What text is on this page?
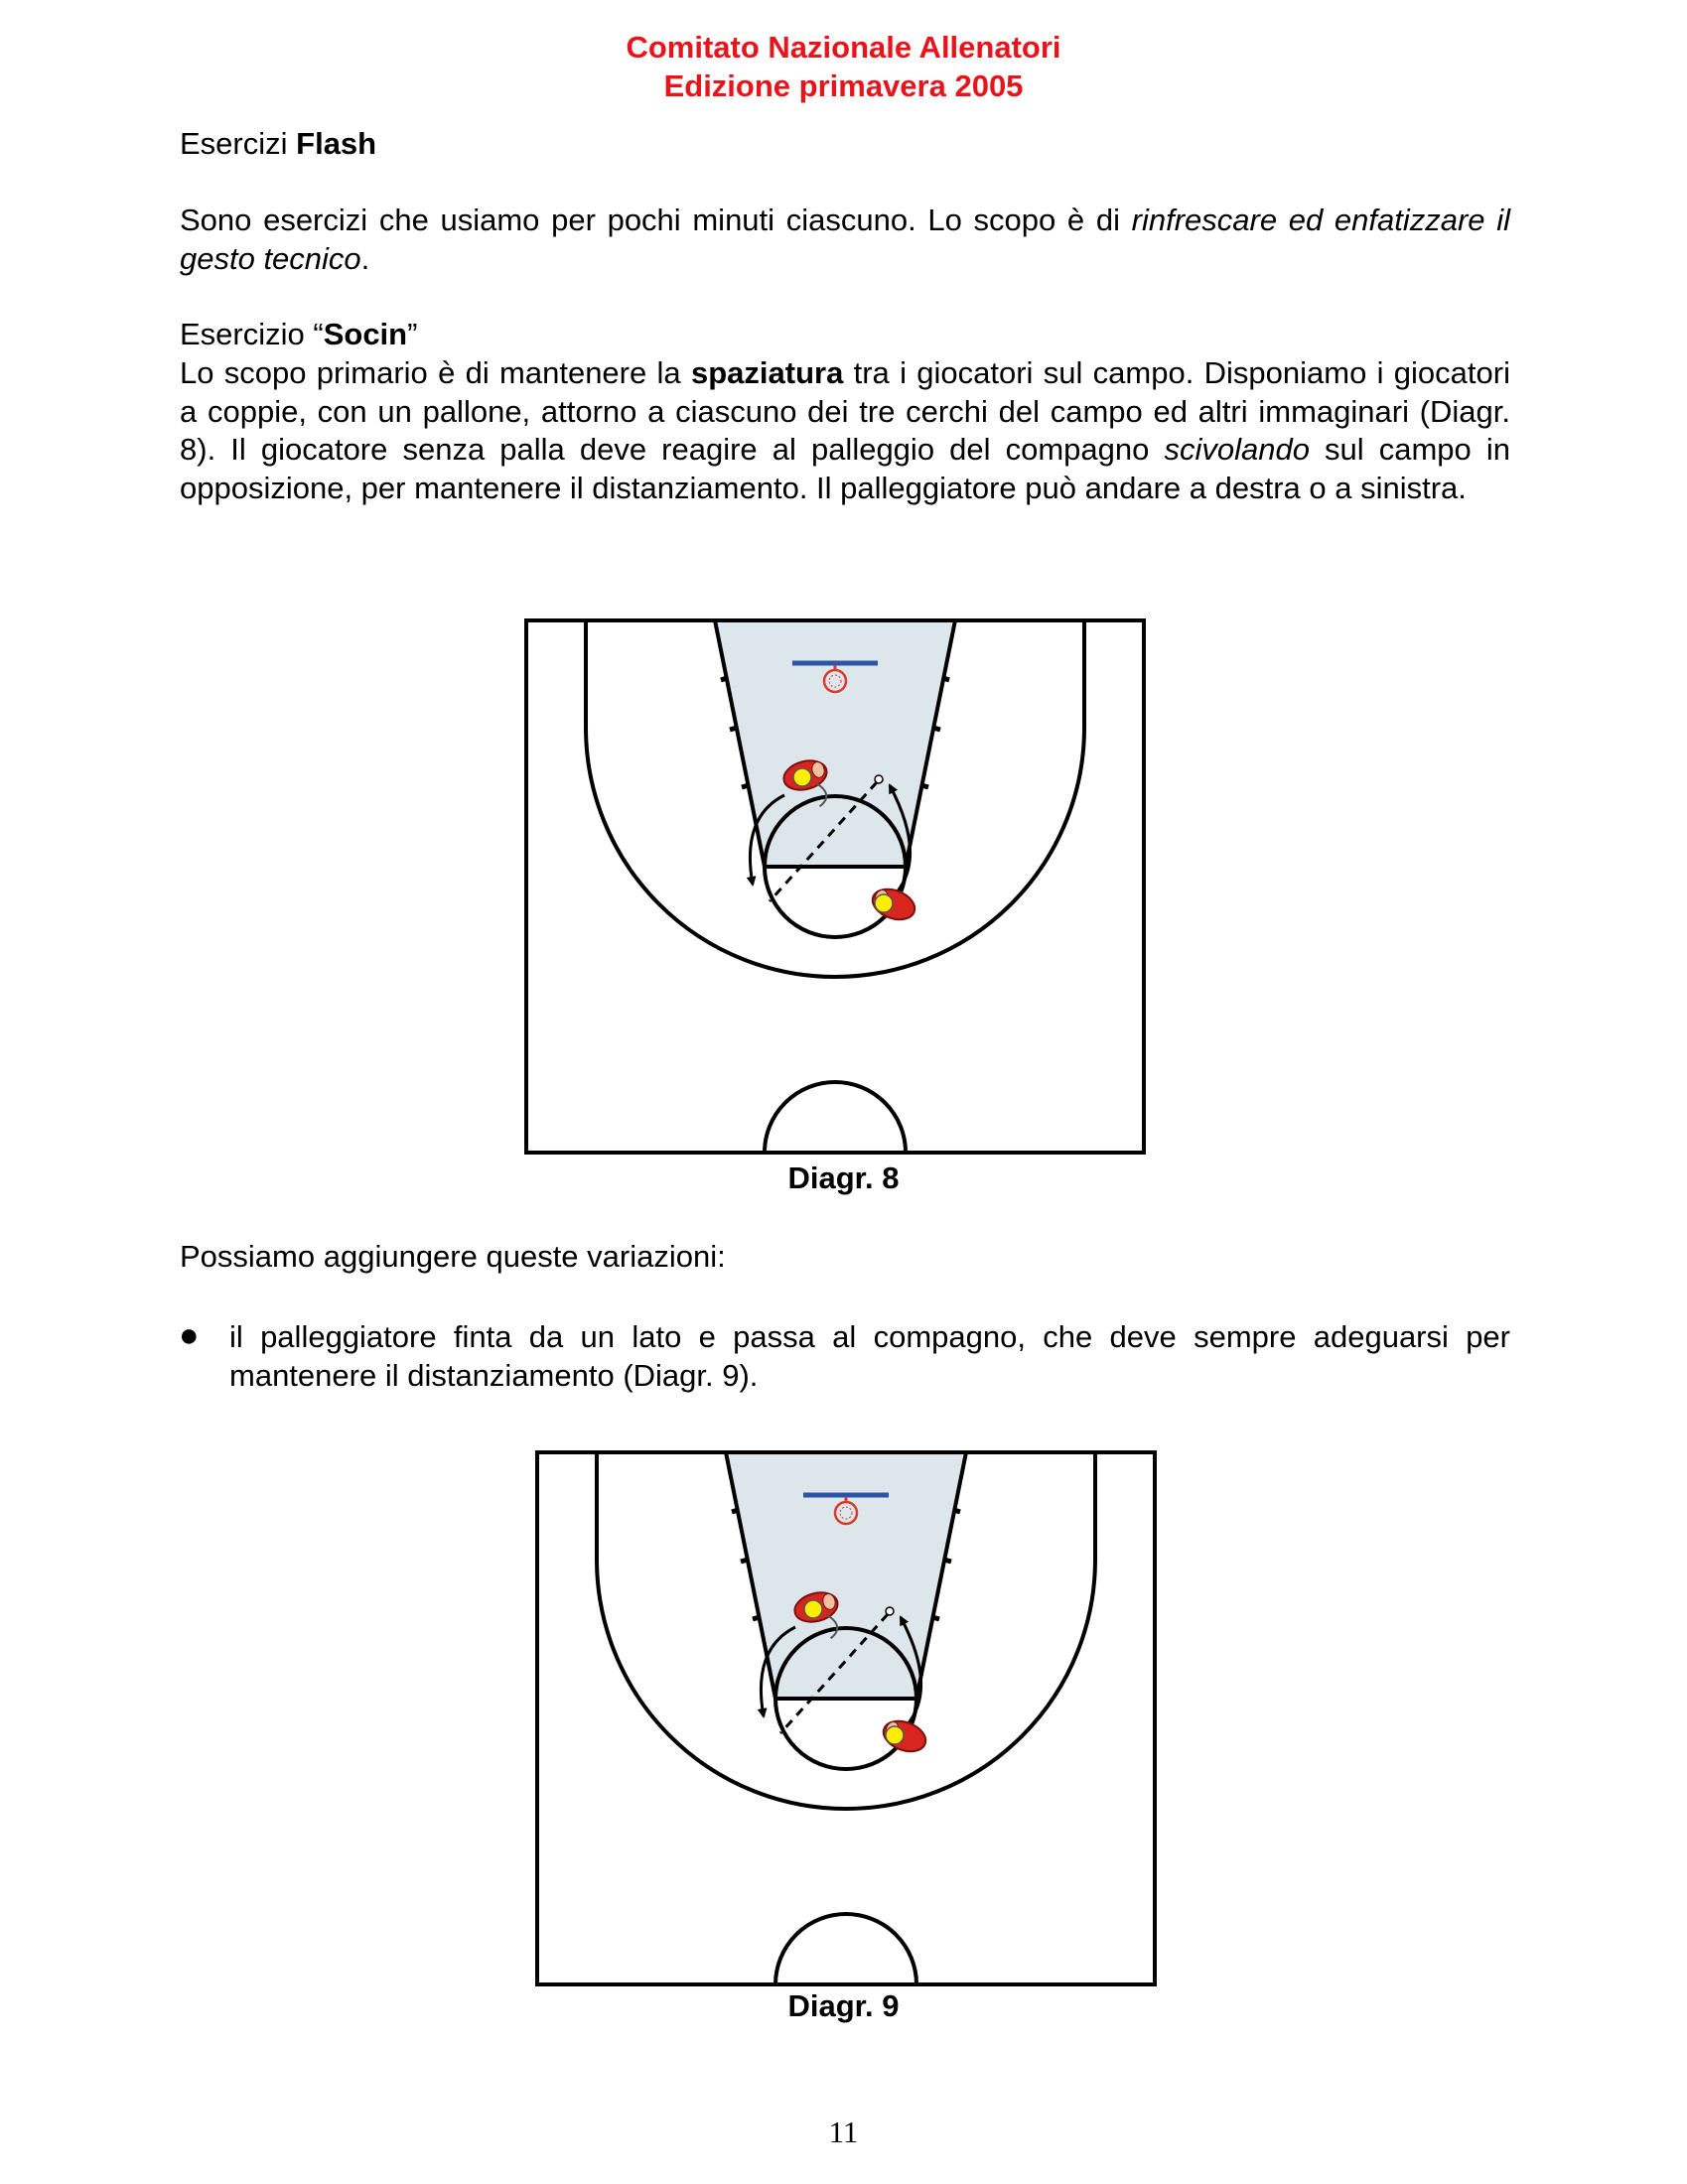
Comitato Nazionale Allenatori
Edizione primavera 2005
Esercizi Flash
Sono esercizi che usiamo per pochi minuti ciascuno. Lo scopo è di rinfrescare ed enfatizzare il gesto tecnico.
Esercizio “Socin”
Lo scopo primario è di mantenere la spaziatura tra i giocatori sul campo. Disponiamo i giocatori a coppie, con un pallone, attorno a ciascuno dei tre cerchi del campo ed altri immaginari (Diagr. 8). Il giocatore senza palla deve reagire al palleggio del compagno scivolando sul campo in opposizione, per mantenere il distanziamento. Il palleggiatore può andare a destra o a sinistra.
Diagr. 8
Possiamo aggiungere queste variazioni:
● il palleggiatore finta da un lato e passa al compagno, che deve sempre adeguarsi per mantenere il distanziamento (Diagr. 9).
Diagr. 9
11
